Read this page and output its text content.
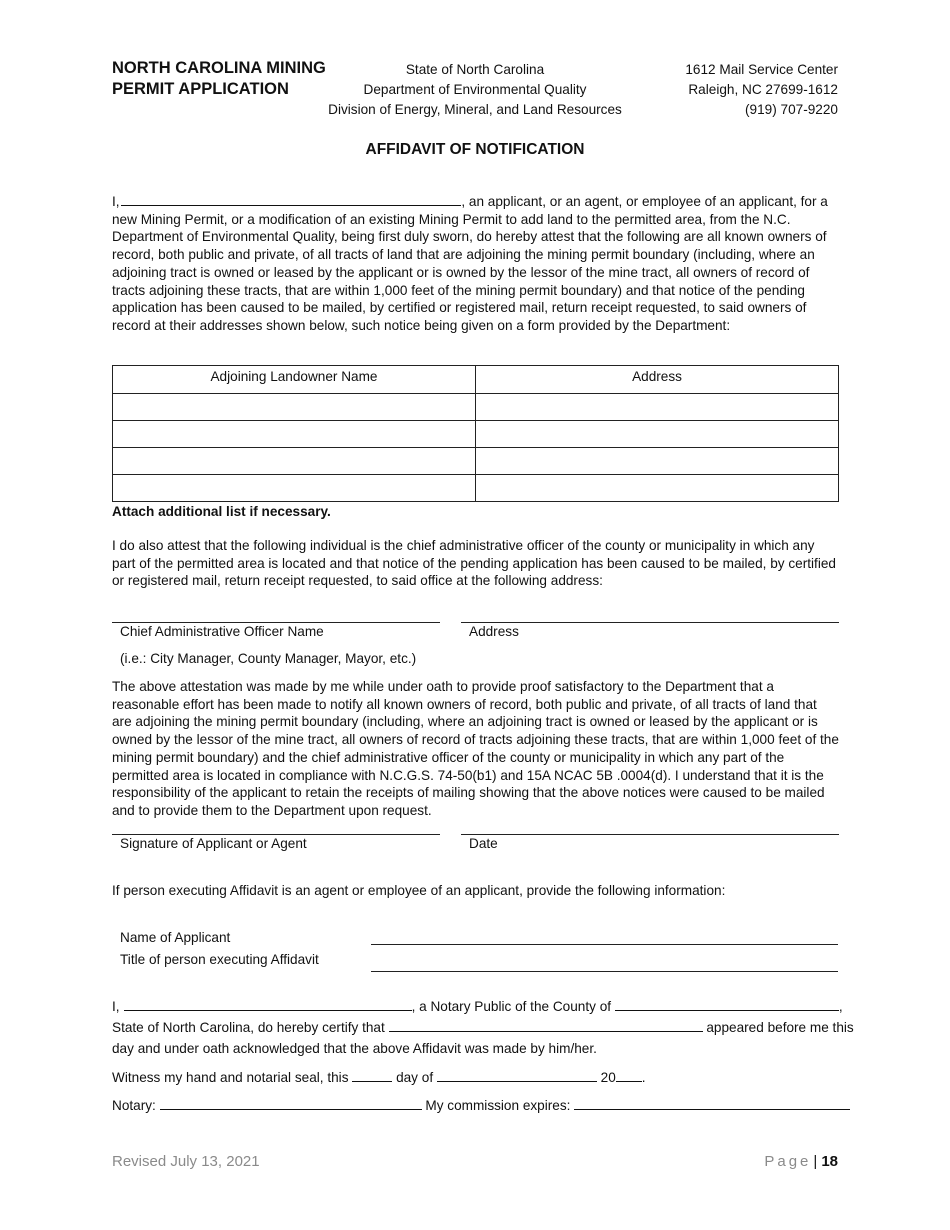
NORTH CAROLINA MINING
PERMIT APPLICATION
State of North Carolina
Department of Environmental Quality
Division of Energy, Mineral, and Land Resources
1612 Mail Service Center
Raleigh, NC 27699-1612
(919) 707-9220
AFFIDAVIT OF NOTIFICATION
I,	, an applicant, or an agent, or employee of an applicant, for a new Mining Permit, or a modification of an existing Mining Permit to add land to the permitted area, from the N.C. Department of Environmental Quality, being first duly sworn, do hereby attest that the following are all known owners of record, both public and private, of all tracts of land that are adjoining the mining permit boundary (including, where an adjoining tract is owned or leased by the applicant or is owned by the lessor of the mine tract, all owners of record of tracts adjoining these tracts, that are within 1,000 feet of the mining permit boundary) and that notice of the pending application has been caused to be mailed, by certified or registered mail, return receipt requested, to said owners of record at their addresses shown below, such notice being given on a form provided by the Department:
Adjoining Landowner Name	Address

Attach additional list if necessary.
I do also attest that the following individual is the chief administrative officer of the county or municipality in which any part of the permitted area is located and that notice of the pending application has been caused to be mailed, by certified or registered mail, return receipt requested, to said office at the following address:
Chief Administrative Officer Name	Address
(i.e.: City Manager, County Manager, Mayor, etc.)
The above attestation was made by me while under oath to provide proof satisfactory to the Department that a reasonable effort has been made to notify all known owners of record, both public and private, of all tracts of land that are adjoining the mining permit boundary (including, where an adjoining tract is owned or leased by the applicant or is owned by the lessor of the mine tract, all owners of record of tracts adjoining these tracts, that are within 1,000 feet of the mining permit boundary) and the chief administrative officer of the county or municipality in which any part of the permitted area is located in compliance with N.C.G.S. 74-50(b1) and 15A NCAC 5B .0004(d). I understand that it is the responsibility of the applicant to retain the receipts of mailing showing that the above notices were caused to be mailed and to provide them to the Department upon request.
Signature of Applicant or Agent	Date
If person executing Affidavit is an agent or employee of an applicant, provide the following information:
Name of Applicant
Title of person executing Affidavit
I,	, a Notary Public of the County of	,
State of North Carolina, do hereby certify that	appeared before me this
day and under oath acknowledged that the above Affidavit was made by him/her.
Witness my hand and notarial seal, this	day of	20 .
Notary:	My commission expires:
Revised July 13, 2021	Page | 18
